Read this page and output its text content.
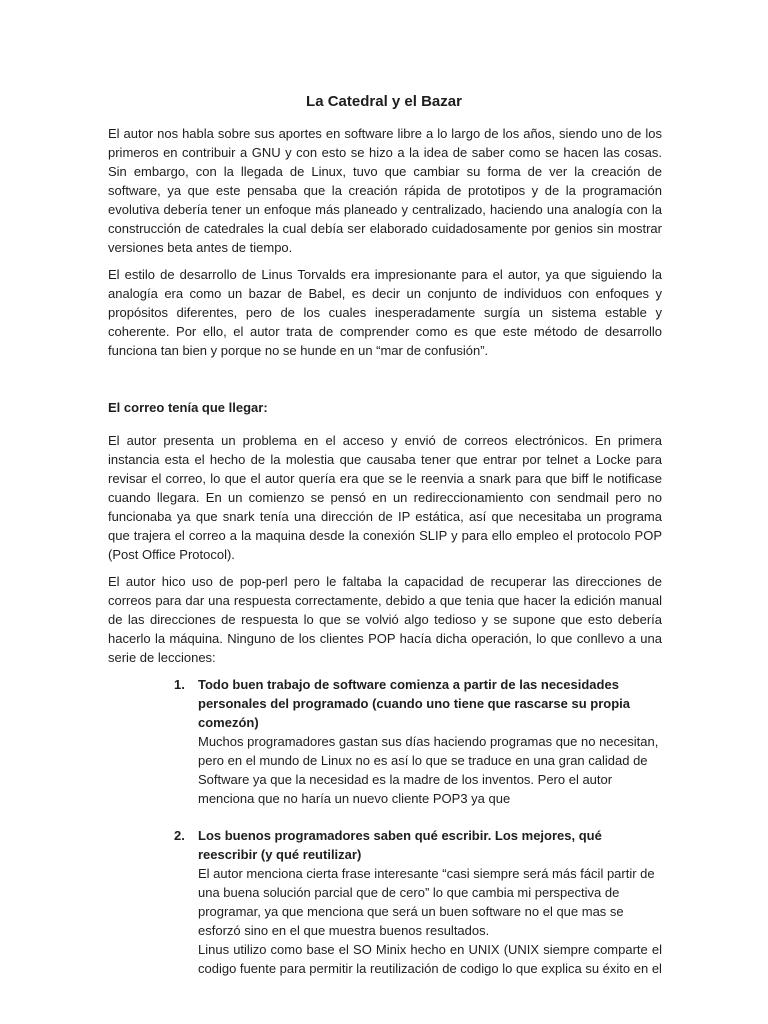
La Catedral y el Bazar

El autor nos habla sobre sus aportes en software libre a lo largo de los años, siendo uno de los primeros en contribuir a GNU y con esto se hizo a la idea de saber como se hacen las cosas. Sin embargo, con la llegada de Linux, tuvo que cambiar su forma de ver la creación de software, ya que este pensaba que la creación rápida de prototipos y de la programación evolutiva debería tener un enfoque más planeado y centralizado, haciendo una analogía con la construcción de catedrales la cual debía ser elaborado cuidadosamente por genios sin mostrar versiones beta antes de tiempo.

El estilo de desarrollo de Linus Torvalds era impresionante para el autor, ya que siguiendo la analogía era como un bazar de Babel, es decir un conjunto de individuos con enfoques y propósitos diferentes, pero de los cuales inesperadamente surgía un sistema estable y coherente. Por ello, el autor trata de comprender como es que este método de desarrollo funciona tan bien y porque no se hunde en un “mar de confusión”.

El correo tenía que llegar:

El autor presenta un problema en el acceso y envió de correos electrónicos. En primera instancia esta el hecho de la molestia que causaba tener que entrar por telnet a Locke para revisar el correo, lo que el autor quería era que se le reenvia a snark para que biff le notificase cuando llegara. En un comienzo se pensó en un redireccionamiento con sendmail pero no funcionaba ya que snark tenía una dirección de IP estática, así que necesitaba un programa que trajera el correo a la maquina desde la conexión SLIP y para ello empleo el protocolo POP (Post Office Protocol).

El autor hico uso de pop-perl pero le faltaba la capacidad de recuperar las direcciones de correos para dar una respuesta correctamente, debido a que tenia que hacer la edición manual de las direcciones de respuesta lo que se volvió algo tedioso y se supone que esto debería hacerlo la máquina. Ninguno de los clientes POP hacía dicha operación, lo que conllevo a una serie de lecciones:

1. Todo buen trabajo de software comienza a partir de las necesidades personales del programado (cuando uno tiene que rascarse su propia comezón)
Muchos programadores gastan sus días haciendo programas que no necesitan, pero en el mundo de Linux no es así lo que se traduce en una gran calidad de Software ya que la necesidad es la madre de los inventos. Pero el autor menciona que no haría un nuevo cliente POP3 ya que
2. Los buenos programadores saben qué escribir. Los mejores, qué reescribir (y qué reutilizar)
El autor menciona cierta frase interesante “casi siempre será más fácil partir de una buena solución parcial que de cero” lo que cambia mi perspectiva de programar, ya que menciona que será un buen software no el que mas se esforzó sino en el que muestra buenos resultados.
Linus utilizo como base el SO Minix hecho en UNIX (UNIX siempre comparte el codigo fuente para permitir la reutilización de codigo lo que explica su éxito en el
